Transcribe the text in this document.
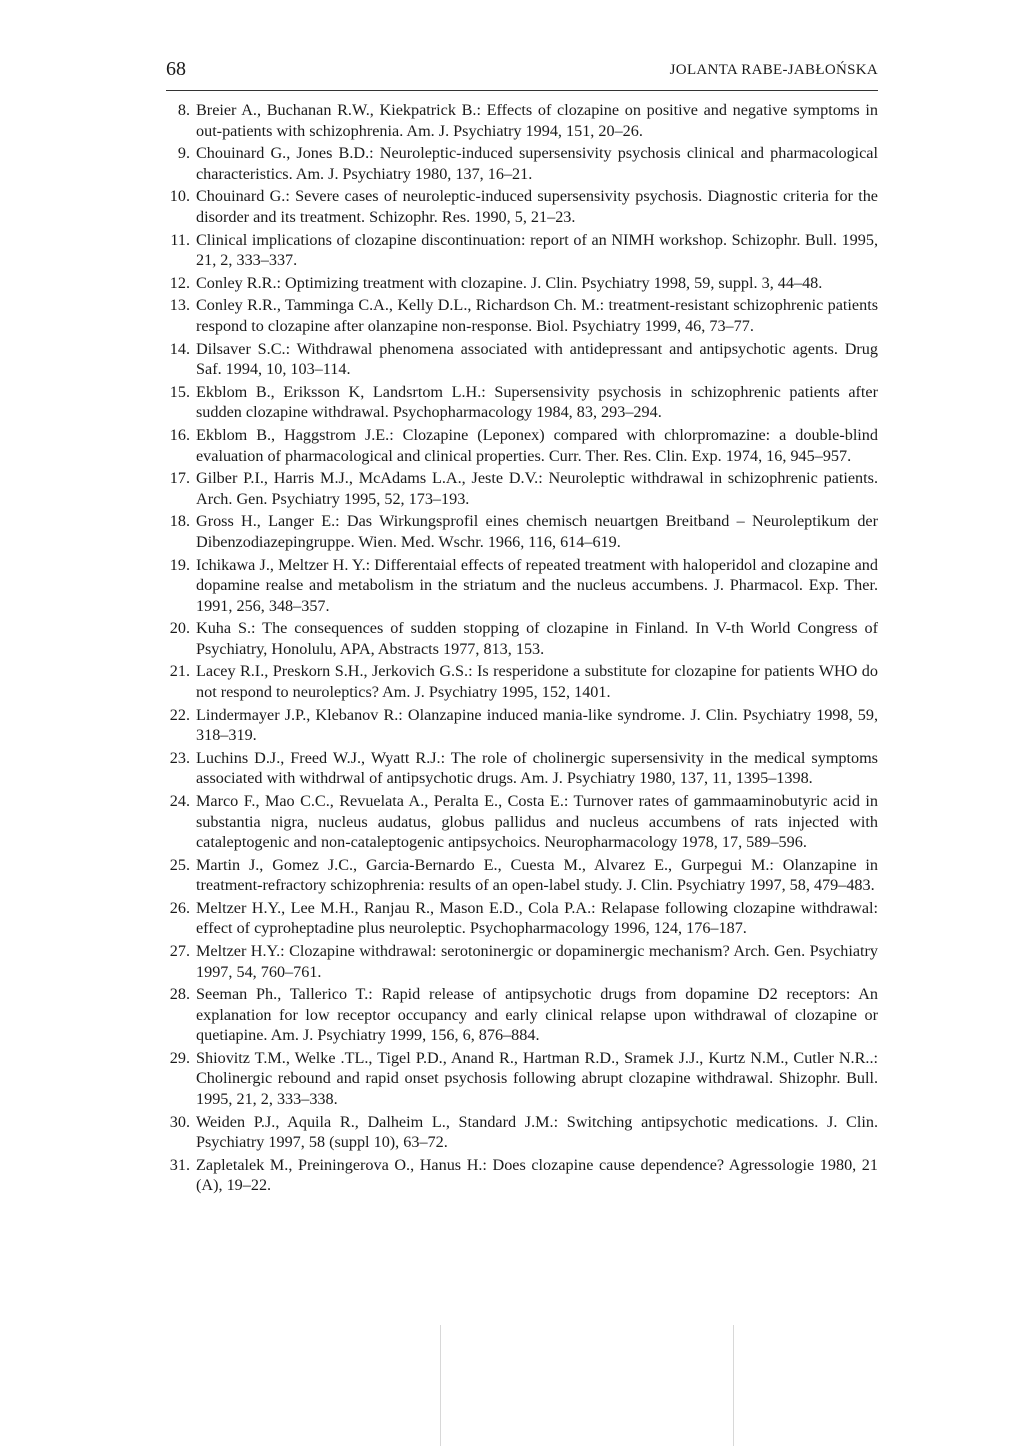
68	JOLANTA RABE-JABŁOŃSKA
8. Breier A., Buchanan R.W., Kiekpatrick B.: Effects of clozapine on positive and negative symptoms in out-patients with schizophrenia. Am. J. Psychiatry 1994, 151, 20–26.
9. Chouinard G., Jones B.D.: Neuroleptic-induced supersensivity psychosis clinical and pharmacological characteristics. Am. J. Psychiatry 1980, 137, 16–21.
10. Chouinard G.: Severe cases of neuroleptic-induced supersensivity psychosis. Diagnostic criteria for the disorder and its treatment. Schizophr. Res. 1990, 5, 21–23.
11. Clinical implications of clozapine discontinuation: report of an NIMH workshop. Schizophr. Bull. 1995, 21, 2, 333–337.
12. Conley R.R.: Optimizing treatment with clozapine. J. Clin. Psychiatry 1998, 59, suppl. 3, 44–48.
13. Conley R.R., Tamminga C.A., Kelly D.L., Richardson Ch. M.: treatment-resistant schizophrenic patients respond to clozapine after olanzapine non-response. Biol. Psychiatry 1999, 46, 73–77.
14. Dilsaver S.C.: Withdrawal phenomena associated with antidepressant and antipsychotic agents. Drug Saf. 1994, 10, 103–114.
15. Ekblom B., Eriksson K, Landsrtom L.H.: Supersensivity psychosis in schizophrenic patients after sudden clozapine withdrawal. Psychopharmacology 1984, 83, 293–294.
16. Ekblom B., Haggstrom J.E.: Clozapine (Leponex) compared with chlorpromazine: a double-blind evaluation of pharmacological and clinical properties. Curr. Ther. Res. Clin. Exp. 1974, 16, 945–957.
17. Gilber P.I., Harris M.J., McAdams L.A., Jeste D.V.: Neuroleptic withdrawal in schizophrenic patients. Arch. Gen. Psychiatry 1995, 52, 173–193.
18. Gross H., Langer E.: Das Wirkungsprofil eines chemisch neuartgen Breitband – Neuroleptikum der Dibenzodiazepingruppe. Wien. Med. Wschr. 1966, 116, 614–619.
19. Ichikawa J., Meltzer H. Y.: Differentaial effects of repeated treatment with haloperidol and clozapine and dopamine realse and metabolism in the striatum and the nucleus accumbens. J. Pharmacol. Exp. Ther. 1991, 256, 348–357.
20. Kuha S.: The consequences of sudden stopping of clozapine in Finland. In V-th World Congress of Psychiatry, Honolulu, APA, Abstracts 1977, 813, 153.
21. Lacey R.I., Preskorn S.H., Jerkovich G.S.: Is resperidone a substitute for clozapine for patients WHO do not respond to neuroleptics? Am. J. Psychiatry 1995, 152, 1401.
22. Lindermayer J.P., Klebanov R.: Olanzapine induced mania-like syndrome. J. Clin. Psychiatry 1998, 59, 318–319.
23. Luchins D.J., Freed W.J., Wyatt R.J.: The role of cholinergic supersensivity in the medical symptoms associated with withdrwal of antipsychotic drugs. Am. J. Psychiatry 1980, 137, 11, 1395–1398.
24. Marco F., Mao C.C., Revuelata A., Peralta E., Costa E.: Turnover rates of gammaaminobutyric acid in substantia nigra, nucleus audatus, globus pallidus and nucleus accumbens of rats injected with cataleptogenic and non-cataleptogenic antipsychoics. Neuropharmacology 1978, 17, 589–596.
25. Martin J., Gomez J.C., Garcia-Bernardo E., Cuesta M., Alvarez E., Gurpegui M.: Olanzapine in treatment-refractory schizophrenia: results of an open-label study. J. Clin. Psychiatry 1997, 58, 479–483.
26. Meltzer H.Y., Lee M.H., Ranjau R., Mason E.D., Cola P.A.: Relapase following clozapine withdrawal: effect of cyproheptadine plus neuroleptic. Psychopharmacology 1996, 124, 176–187.
27. Meltzer H.Y.: Clozapine withdrawal: serotoninergic or dopaminergic mechanism? Arch. Gen. Psychiatry 1997, 54, 760–761.
28. Seeman Ph., Tallerico T.: Rapid release of antipsychotic drugs from dopamine D2 receptors: An explanation for low receptor occupancy and early clinical relapse upon withdrawal of clozapine or quetiapine. Am. J. Psychiatry 1999, 156, 6, 876–884.
29. Shiovitz T.M., Welke .TL., Tigel P.D., Anand R., Hartman R.D., Sramek J.J., Kurtz N.M., Cutler N.R..: Cholinergic rebound and rapid onset psychosis following abrupt clozapine withdrawal. Shizophr. Bull. 1995, 21, 2, 333–338.
30. Weiden P.J., Aquila R., Dalheim L., Standard J.M.: Switching antipsychotic medications. J. Clin. Psychiatry 1997, 58 (suppl 10), 63–72.
31. Zapletalek M., Preiningerova O., Hanus H.: Does clozapine cause dependence? Agressologie 1980, 21 (A), 19–22.
